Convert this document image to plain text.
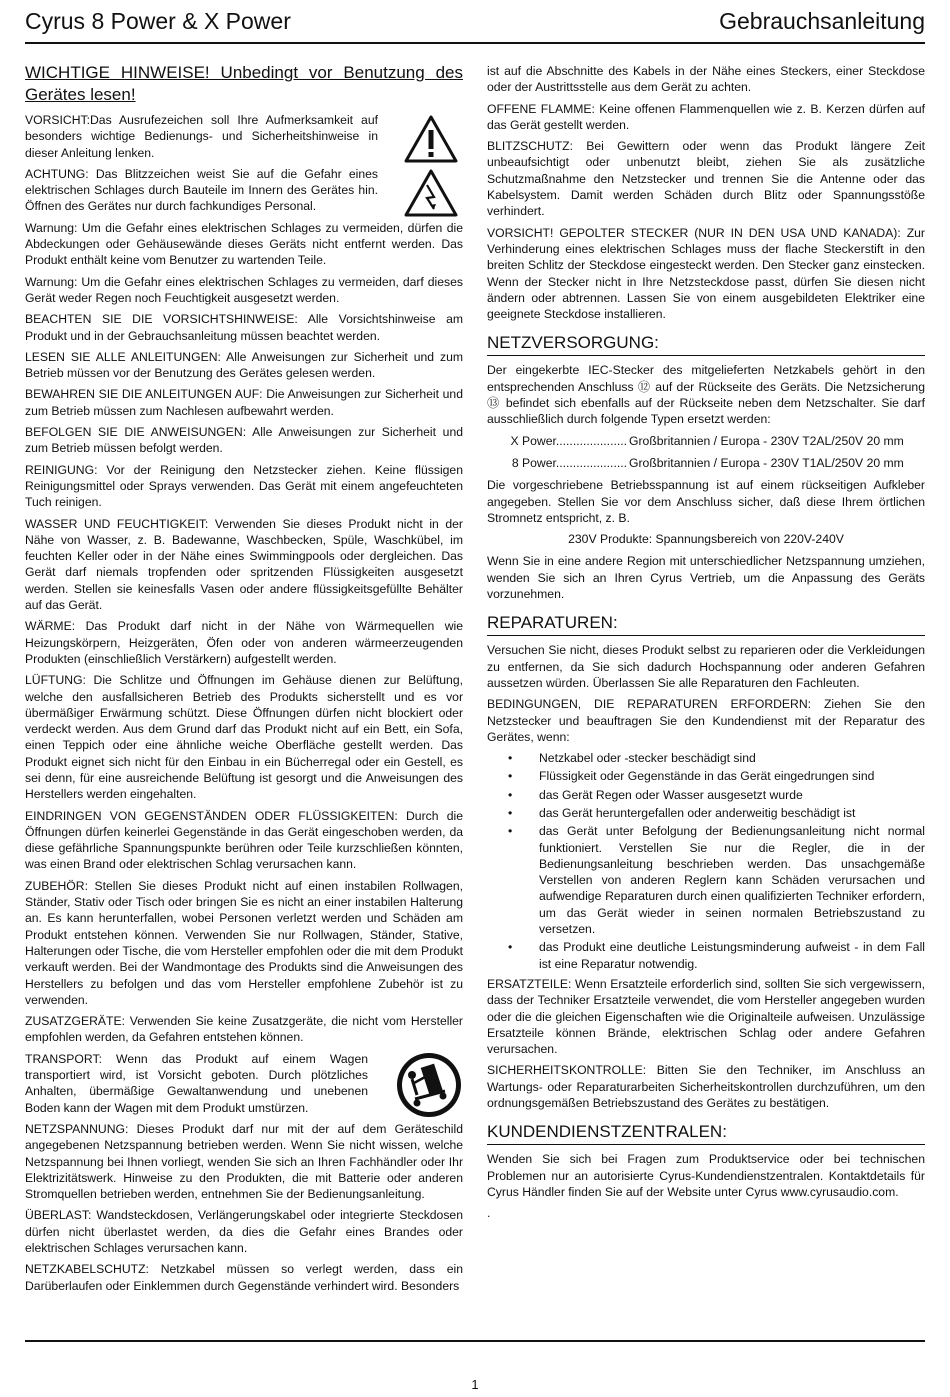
Cyrus 8 Power & X Power	Gebrauchsanleitung
WICHTIGE HINWEISE! Unbedingt vor Benutzung des Gerätes lesen!

VORSICHT:Das Ausrufezeichen soll Ihre Aufmerksamkeit auf besonders wichtige Bedienungs- und Sicherheitshinweise in dieser Anleitung lenken.

ACHTUNG: Das Blitzzeichen weist Sie auf die Gefahr eines elektrischen Schlages durch Bauteile im Innern des Gerätes hin. Öffnen des Gerätes nur durch fachkundiges Personal.

Warnung: Um die Gefahr eines elektrischen Schlages zu vermeiden, dürfen die Abdeckungen oder Gehäusewände dieses Geräts nicht entfernt werden. Das Produkt enthält keine vom Benutzer zu wartenden Teile.

Warnung: Um die Gefahr eines elektrischen Schlages zu vermeiden, darf dieses Gerät weder Regen noch Feuchtigkeit ausgesetzt werden.

BEACHTEN SIE DIE VORSICHTSHINWEISE: Alle Vorsichtshinweise am Produkt und in der Gebrauchsanleitung müssen beachtet werden.

LESEN SIE ALLE ANLEITUNGEN: Alle Anweisungen zur Sicherheit und zum Betrieb müssen vor der Benutzung des Gerätes gelesen werden.

BEWAHREN SIE DIE ANLEITUNGEN AUF: Die Anweisungen zur Sicherheit und zum Betrieb müssen zum Nachlesen aufbewahrt werden.

BEFOLGEN SIE DIE ANWEISUNGEN: Alle Anweisungen zur Sicherheit und zum Betrieb müssen befolgt werden.

REINIGUNG: Vor der Reinigung den Netzstecker ziehen. Keine flüssigen Reinigungsmittel oder Sprays verwenden. Das Gerät mit einem angefeuchteten Tuch reinigen.

WASSER UND FEUCHTIGKEIT: Verwenden Sie dieses Produkt nicht in der Nähe von Wasser, z. B. Badewanne, Waschbecken, Spüle, Waschkübel, im feuchten Keller oder in der Nähe eines Swimmingpools oder dergleichen. Das Gerät darf niemals tropfenden oder spritzenden Flüssigkeiten ausgesetzt werden. Stellen sie keinesfalls Vasen oder andere flüssigkeitsgefüllte Behälter auf das Gerät.

WÄRME: Das Produkt darf nicht in der Nähe von Wärmequellen wie Heizungskörpern, Heizgeräten, Öfen oder von anderen wärmeerzeugenden Produkten (einschließlich Verstärkern) aufgestellt werden.

LÜFTUNG: Die Schlitze und Öffnungen im Gehäuse dienen zur Belüftung, welche den ausfallsicheren Betrieb des Produkts sicherstellt und es vor übermäßiger Erwärmung schützt. Diese Öffnungen dürfen nicht blockiert oder verdeckt werden. Aus dem Grund darf das Produkt nicht auf ein Bett, ein Sofa, einen Teppich oder eine ähnliche weiche Oberfläche gestellt werden. Das Produkt eignet sich nicht für den Einbau in ein Bücherregal oder ein Gestell, es sei denn, für eine ausreichende Belüftung ist gesorgt und die Anweisungen des Herstellers werden eingehalten.

EINDRINGEN VON GEGENSTÄNDEN ODER FLÜSSIGKEITEN: Durch die Öffnungen dürfen keinerlei Gegenstände in das Gerät eingeschoben werden, da diese gefährliche Spannungspunkte berühren oder Teile kurzschließen könnten, was einen Brand oder elektrischen Schlag verursachen kann.

ZUBEHÖR: Stellen Sie dieses Produkt nicht auf einen instabilen Rollwagen, Ständer, Stativ oder Tisch oder bringen Sie es nicht an einer instabilen Halterung an. Es kann herunterfallen, wobei Personen verletzt werden und Schäden am Produkt entstehen können. Verwenden Sie nur Rollwagen, Ständer, Stative, Halterungen oder Tische, die vom Hersteller empfohlen oder die mit dem Produkt verkauft werden. Bei der Wandmontage des Produkts sind die Anweisungen des Herstellers zu befolgen und das vom Hersteller empfohlene Zubehör ist zu verwenden.

ZUSATZGERÄTE: Verwenden Sie keine Zusatzgeräte, die nicht vom Hersteller empfohlen werden, da Gefahren entstehen können.

TRANSPORT: Wenn das Produkt auf einem Wagen transportiert wird, ist Vorsicht geboten. Durch plötzliches Anhalten, übermäßige Gewaltanwendung und unebenen Boden kann der Wagen mit dem Produkt umstürzen.

NETZSPANNUNG: Dieses Produkt darf nur mit der auf dem Geräteschild angegebenen Netzspannung betrieben werden. Wenn Sie nicht wissen, welche Netzspannung bei Ihnen vorliegt, wenden Sie sich an Ihren Fachhändler oder Ihr Elektrizitätswerk. Hinweise zu den Produkten, die mit Batterie oder anderen Stromquellen betrieben werden, entnehmen Sie der Bedienungsanleitung.

ÜBERLAST: Wandsteckdosen, Verlängerungskabel oder integrierte Steckdosen dürfen nicht überlastet werden, da dies die Gefahr eines Brandes oder elektrischen Schlages verursachen kann.

NETZKABELSCHUTZ: Netzkabel müssen so verlegt werden, dass ein Darüberlaufen oder Einklemmen durch Gegenstände verhindert wird. Besonders

ist auf die Abschnitte des Kabels in der Nähe eines Steckers, einer Steckdose oder der Austrittsstelle aus dem Gerät zu achten.

OFFENE FLAMME: Keine offenen Flammenquellen wie z. B. Kerzen dürfen auf das Gerät gestellt werden.

BLITZSCHUTZ: Bei Gewittern oder wenn das Produkt längere Zeit unbeaufsichtigt oder unbenutzt bleibt, ziehen Sie als zusätzliche Schutzmaßnahme den Netzstecker und trennen Sie die Antenne oder das Kabelsystem. Damit werden Schäden durch Blitz oder Spannungsstöße verhindert.

VORSICHT! GEPOLTER STECKER (NUR IN DEN USA UND KANADA): Zur Verhinderung eines elektrischen Schlages muss der flache Steckerstift in den breiten Schlitz der Steckdose eingesteckt werden. Den Stecker ganz einstecken. Wenn der Stecker nicht in Ihre Netzsteckdose passt, dürfen Sie diesen nicht ändern oder abtrennen. Lassen Sie von einem ausgebildeten Elektriker eine geeignete Steckdose installieren.

NETZVERSORGUNG:

Der eingekerbte IEC-Stecker des mitgelieferten Netzkabels gehört in den entsprechenden Anschluss ⑫ auf der Rückseite des Geräts. Die Netzsicherung ⑬ befindet sich ebenfalls auf der Rückseite neben dem Netzschalter. Sie darf ausschließlich durch folgende Typen ersetzt werden:

X Power..................... Großbritannien / Europa - 230V T2AL/250V 20 mm
8 Power..................... Großbritannien / Europa - 230V T1AL/250V 20 mm

Die vorgeschriebene Betriebsspannung ist auf einem rückseitigen Aufkleber angegeben. Stellen Sie vor dem Anschluss sicher, daß diese Ihrem örtlichen Stromnetz entspricht, z. B.

230V Produkte: Spannungsbereich von 220V-240V

Wenn Sie in eine andere Region mit unterschiedlicher Netzspannung umziehen, wenden Sie sich an Ihren Cyrus Vertrieb, um die Anpassung des Geräts vorzunehmen.

REPARATUREN:

Versuchen Sie nicht, dieses Produkt selbst zu reparieren oder die Verkleidungen zu entfernen, da Sie sich dadurch Hochspannung oder anderen Gefahren aussetzen würden. Überlassen Sie alle Reparaturen den Fachleuten.

BEDINGUNGEN, DIE REPARATUREN ERFORDERN: Ziehen Sie den Netzstecker und beauftragen Sie den Kundendienst mit der Reparatur des Gerätes, wenn:

• Netzkabel oder -stecker beschädigt sind
• Flüssigkeit oder Gegenstände in das Gerät eingedrungen sind
• das Gerät Regen oder Wasser ausgesetzt wurde
• das Gerät heruntergefallen oder anderweitig beschädigt ist
• das Gerät unter Befolgung der Bedienungsanleitung nicht normal funktioniert. Verstellen Sie nur die Regler, die in der Bedienungsanleitung beschrieben werden. Das unsachgemäße Verstellen von anderen Reglern kann Schäden verursachen und aufwendige Reparaturen durch einen qualifizierten Techniker erfordern, um das Gerät wieder in seinen normalen Betriebszustand zu versetzen.
• das Produkt eine deutliche Leistungsminderung aufweist - in dem Fall ist eine Reparatur notwendig.

ERSATZTEILE: Wenn Ersatzteile erforderlich sind, sollten Sie sich vergewissern, dass der Techniker Ersatzteile verwendet, die vom Hersteller angegeben wurden oder die die gleichen Eigenschaften wie die Originalteile aufweisen. Unzulässige Ersatzteile können Brände, elektrischen Schlag oder andere Gefahren verursachen.

SICHERHEITSKONTROLLE: Bitten Sie den Techniker, im Anschluss an Wartungs- oder Reparaturarbeiten Sicherheitskontrollen durchzuführen, um den ordnungsgemäßen Betriebszustand des Gerätes zu bestätigen.

KUNDENDIENSTZENTRALEN:

Wenden Sie sich bei Fragen zum Produktservice oder bei technischen Problemen nur an autorisierte Cyrus-Kundendienstzentralen. Kontaktdetails für Cyrus Händler finden Sie auf der Website unter Cyrus www.cyrusaudio.com.

.

1
